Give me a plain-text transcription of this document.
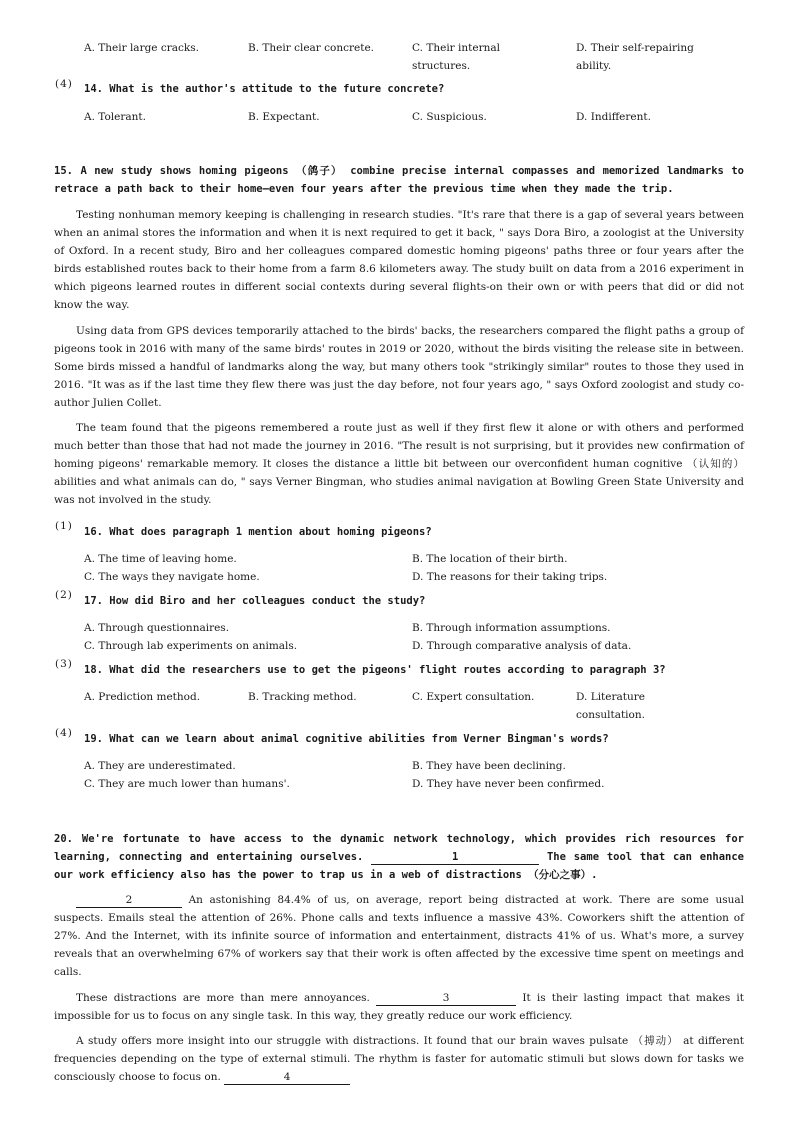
A. Their large cracks.	B. Their clear concrete.	C. Their internal structures.
D. Their self-repairing ability.
(4) 14. What is the author's attitude to the future concrete?
A. Tolerant.	B. Expectant.	C. Suspicious.	D. Indifferent.
15. A new study shows homing pigeons （鸽子） combine precise internal compasses and memorized landmarks to retrace a path back to their home—even four years after the previous time when they made the trip.
Testing nonhuman memory keeping is challenging in research studies. "It's rare that there is a gap of several years between when an animal stores the information and when it is next required to get it back, " says Dora Biro, a zoologist at the University of Oxford. In a recent study, Biro and her colleagues compared domestic homing pigeons' paths three or four years after the birds established routes back to their home from a farm 8.6 kilometers away. The study built on data from a 2016 experiment in which pigeons learned routes in different social contexts during several flights-on their own or with peers that did or did not know the way.
Using data from GPS devices temporarily attached to the birds' backs, the researchers compared the flight paths a group of pigeons took in 2016 with many of the same birds' routes in 2019 or 2020, without the birds visiting the release site in between. Some birds missed a handful of landmarks along the way, but many others took "strikingly similar" routes to those they used in 2016. "It was as if the last time they flew there was just the day before, not four years ago, " says Oxford zoologist and study co-author Julien Collet.
The team found that the pigeons remembered a route just as well if they first flew it alone or with others and performed much better than those that had not made the journey in 2016. "The result is not surprising, but it provides new confirmation of homing pigeons' remarkable memory. It closes the distance a little bit between our overconfident human cognitive （认知的） abilities and what animals can do, " says Verner Bingman, who studies animal navigation at Bowling Green State University and was not involved in the study.
(1) 16. What does paragraph 1 mention about homing pigeons?
A. The time of leaving home.	B. The location of their birth.
C. The ways they navigate home.	D. The reasons for their taking trips.
(2) 17. How did Biro and her colleagues conduct the study?
A. Through questionnaires.	B. Through information assumptions.
C. Through lab experiments on animals.	D. Through comparative analysis of data.
(3) 18. What did the researchers use to get the pigeons' flight routes according to paragraph 3?
A. Prediction method.	B. Tracking method.	C. Expert consultation.	D. Literature consultation.
(4) 19. What can we learn about animal cognitive abilities from Verner Bingman's words?
A. They are underestimated.	B. They have been declining.
C. They are much lower than humans'.	D. They have never been confirmed.
20. We're fortunate to have access to the dynamic network technology, which provides rich resources for learning, connecting and entertaining ourselves.	1	The same tool that can enhance our work efficiency also has the power to trap us in a web of distractions （分心之事）.
2	An astonishing 84.4% of us, on average, report being distracted at work. There are some usual suspects. Emails steal the attention of 26%. Phone calls and texts influence a massive 43%. Coworkers shift the attention of 27%. And the Internet, with its infinite source of information and entertainment, distracts 41% of us. What's more, a survey reveals that an overwhelming 67% of workers say that their work is often affected by the excessive time spent on meetings and calls.
These distractions are more than mere annoyances.	3	It is their lasting impact that makes it impossible for us to focus on any single task. In this way, they greatly reduce our work efficiency.
A study offers more insight into our struggle with distractions. It found that our brain waves pulsate （搏动） at different frequencies depending on the type of external stimuli. The rhythm is faster for automatic stimuli but slows down for tasks we consciously choose to focus on.	4
